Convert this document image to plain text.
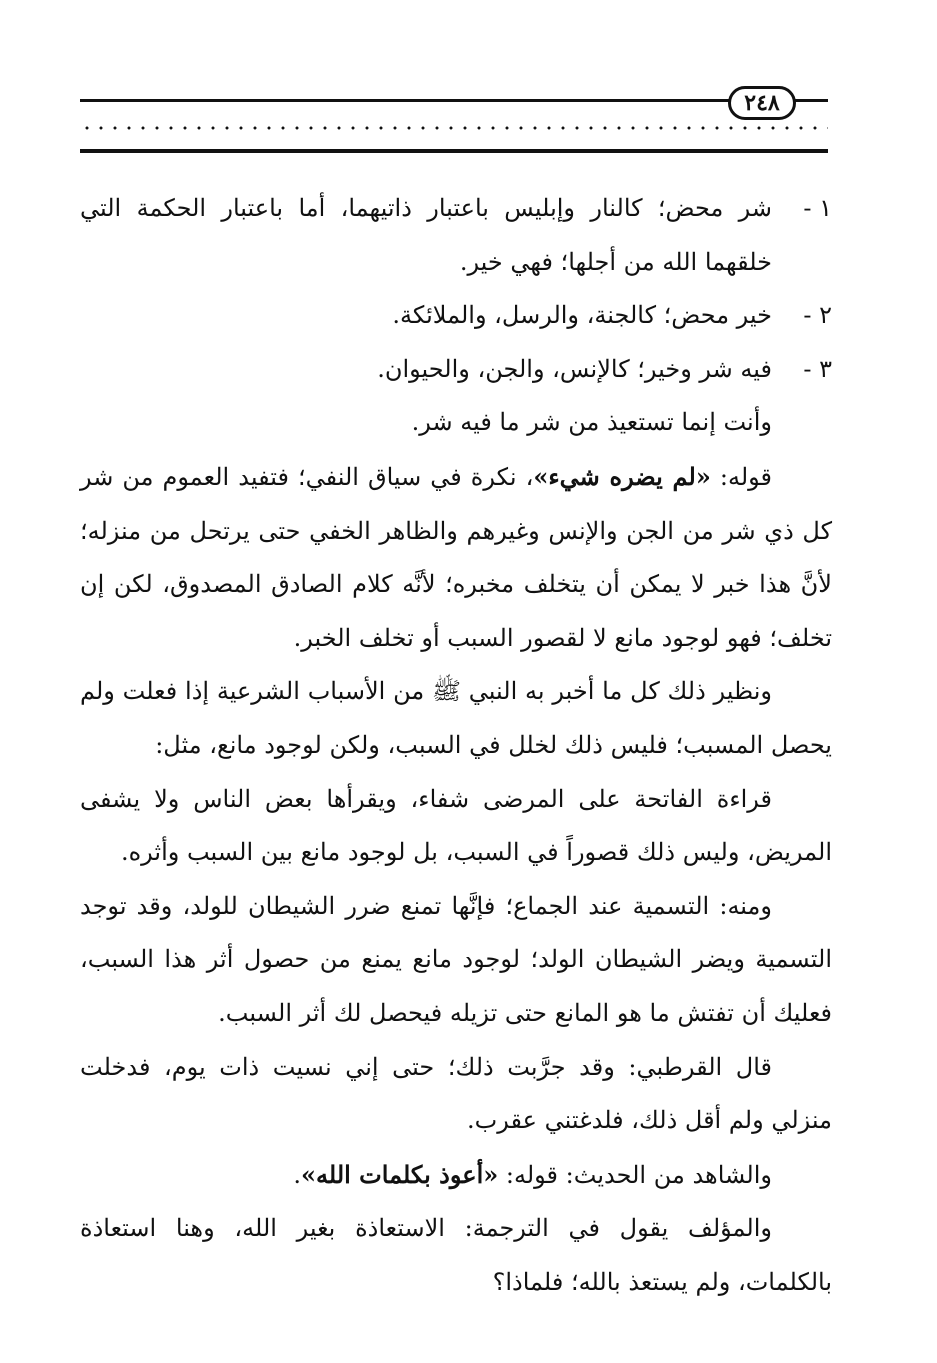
٢٤٨

١ -شر محض؛ كالنار وإبليس باعتبار ذاتيهما، أما باعتبار الحكمة التي خلقهما الله من أجلها؛ فهي خير.

٢ -خير محض؛ كالجنة، والرسل، والملائكة.

٣ -فيه شر وخير؛ كالإنس، والجن، والحيوان.

وأنت إنما تستعيذ من شر ما فيه شر.

قوله: «لم يضره شيء»، نكرة في سياق النفي؛ فتفيد العموم من شر كل ذي شر من الجن والإنس وغيرهم والظاهر الخفي حتى يرتحل من منزله؛ لأنَّ هذا خبر لا يمكن أن يتخلف مخبره؛ لأنَّه كلام الصادق المصدوق، لكن إن تخلف؛ فهو لوجود مانع لا لقصور السبب أو تخلف الخبر.

ونظير ذلك كل ما أخبر به النبي ﷺ من الأسباب الشرعية إذا فعلت ولم يحصل المسبب؛ فليس ذلك لخلل في السبب، ولكن لوجود مانع، مثل:

قراءة الفاتحة على المرضى شفاء، ويقرأها بعض الناس ولا يشفى المريض، وليس ذلك قصوراً في السبب، بل لوجود مانع بين السبب وأثره.

ومنه: التسمية عند الجماع؛ فإنَّها تمنع ضرر الشيطان للولد، وقد توجد التسمية ويضر الشيطان الولد؛ لوجود مانع يمنع من حصول أثر هذا السبب، فعليك أن تفتش ما هو المانع حتى تزيله فيحصل لك أثر السبب.

قال القرطبي: وقد جرَّبت ذلك؛ حتى إني نسيت ذات يوم، فدخلت منزلي ولم أقل ذلك، فلدغتني عقرب.

والشاهد من الحديث: قوله: «أعوذ بكلمات الله».

والمؤلف يقول في الترجمة: الاستعاذة بغير الله، وهنا استعاذة بالكلمات، ولم يستعذ بالله؛ فلماذا؟
